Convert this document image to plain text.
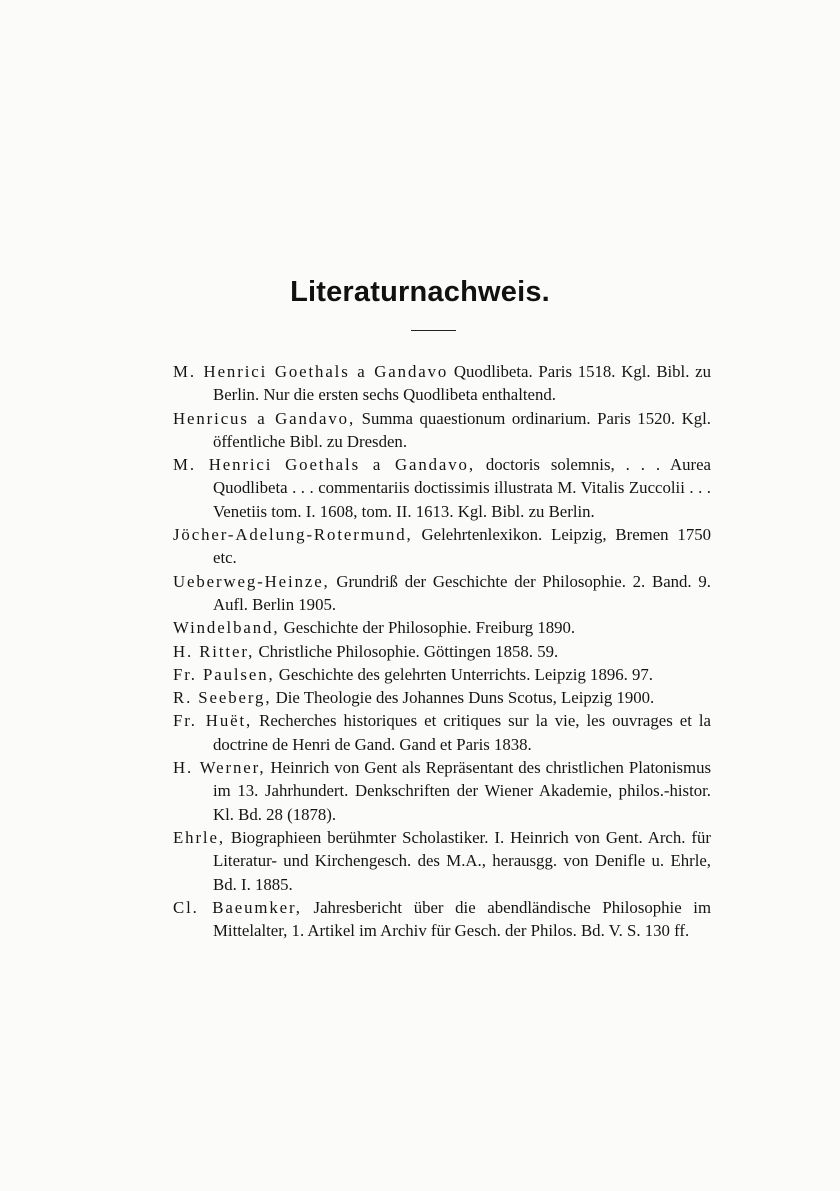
Literaturnachweis.
M. Henrici Goethals a Gandavo Quodlibeta. Paris 1518. Kgl. Bibl. zu Berlin. Nur die ersten sechs Quodlibeta enthaltend.
Henricus a Gandavo, Summa quaestionum ordinarium. Paris 1520. Kgl. öffentliche Bibl. zu Dresden.
M. Henrici Goethals a Gandavo, doctoris solemnis, . . . Aurea Quodlibeta . . . commentariis doctissimis illustrata M. Vitalis Zuccolii . . . Venetiis tom. I. 1608, tom. II. 1613. Kgl. Bibl. zu Berlin.
Jöcher-Adelung-Rotermund, Gelehrtenlexikon. Leipzig, Bremen 1750 etc.
Ueberweg-Heinze, Grundriß der Geschichte der Philosophie. 2. Band. 9. Aufl. Berlin 1905.
Windelband, Geschichte der Philosophie. Freiburg 1890.
H. Ritter, Christliche Philosophie. Göttingen 1858. 59.
Fr. Paulsen, Geschichte des gelehrten Unterrichts. Leipzig 1896. 97.
R. Seeberg, Die Theologie des Johannes Duns Scotus, Leipzig 1900.
Fr. Huët, Recherches historiques et critiques sur la vie, les ouvrages et la doctrine de Henri de Gand. Gand et Paris 1838.
H. Werner, Heinrich von Gent als Repräsentant des christlichen Platonismus im 13. Jahrhundert. Denkschriften der Wiener Akademie, philos.-histor. Kl. Bd. 28 (1878).
Ehrle, Biographieen berühmter Scholastiker. I. Heinrich von Gent. Arch. für Literatur- und Kirchengesch. des M.A., herausgg. von Denifle u. Ehrle, Bd. I. 1885.
Cl. Baeumker, Jahresbericht über die abendländische Philosophie im Mittelalter, 1. Artikel im Archiv für Gesch. der Philos. Bd. V. S. 130 ff.
